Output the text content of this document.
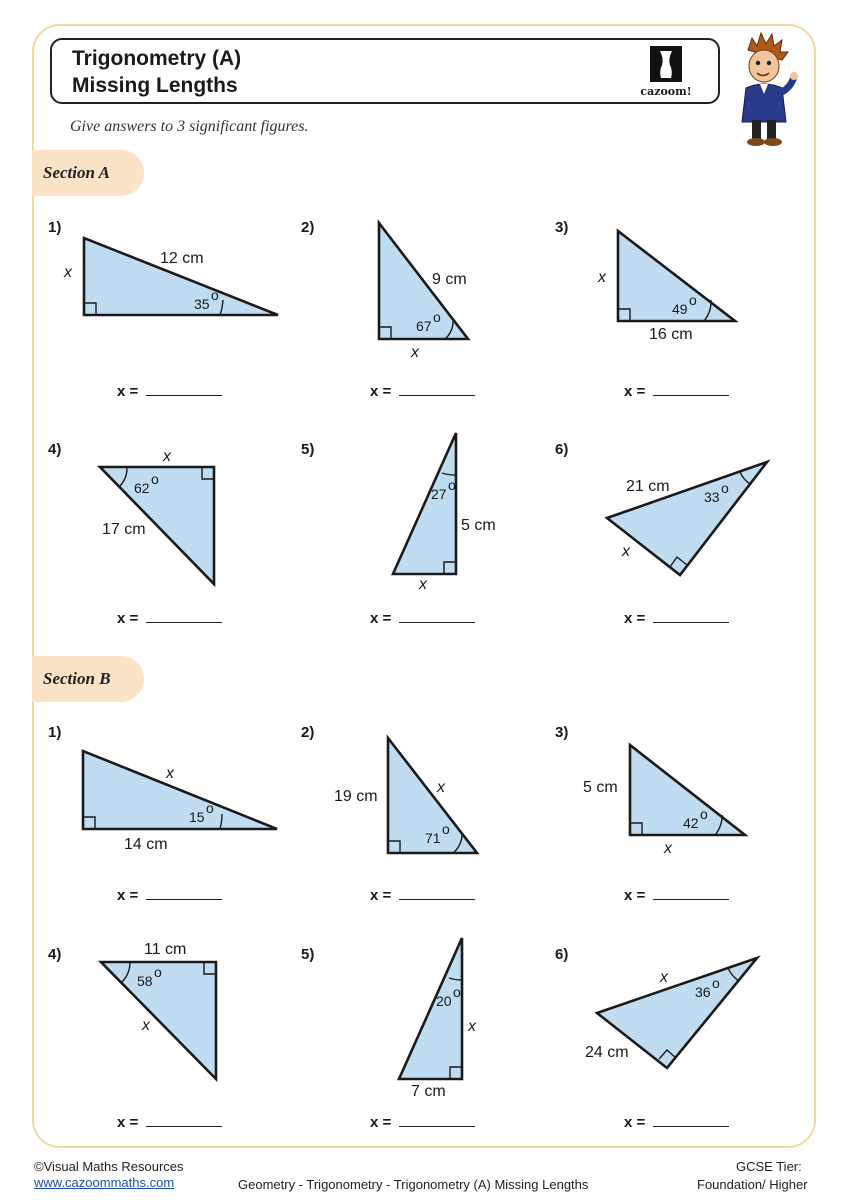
Trigonometry (A)
Missing Lengths	cazoom!
Give answers to 3 significant figures.
Section A
Section B
1)	2)	3)
4)	5)	6)
1)	2)	3)
4)	5)	6)
x =	x =	x =
x =	x =	x =
x =	x =	x =
x =	x =	x =
12 cm
x
35
o
9 cm
x
67
o
x
16 cm
49
o
x
17 cm
62
o
5 cm
x
27
o	21 cm
x
33
o
x
14 cm
15
o
19 cm
x
71
o
5 cm
x
42
o
11 cm
x
58
o
x
7 cm
20
o
x
24 cm
36
o
©Visual Maths Resources
www.cazoommaths.com	Geometry - Trigonometry - Trigonometry (A) Missing Lengths
GCSE Tier:
Foundation/ Higher
